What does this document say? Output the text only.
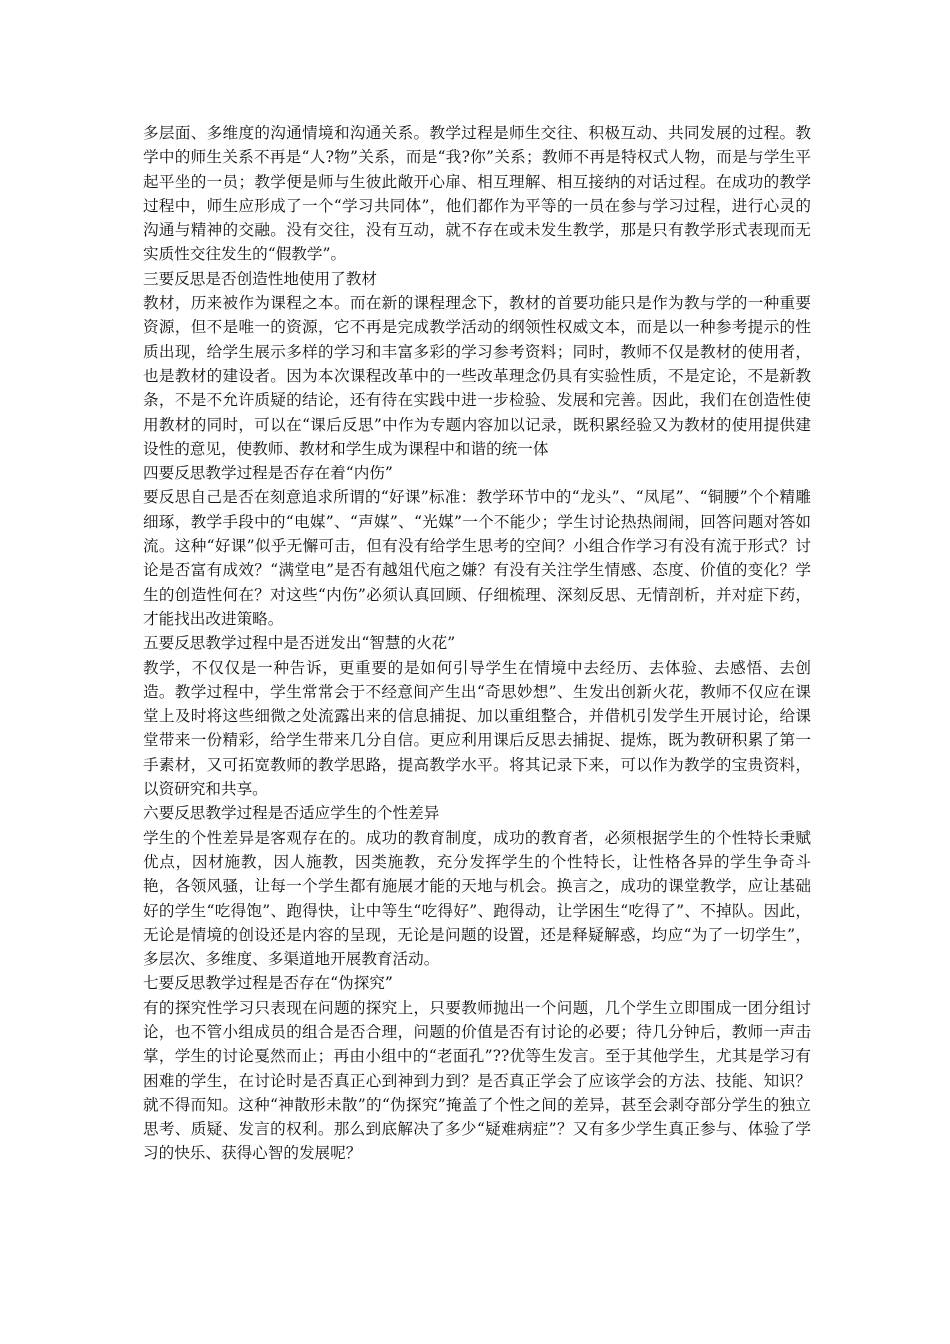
多层面、多维度的沟通情境和沟通关系。教学过程是师生交往、积极互动、共同发展的过程。教学中的师生关系不再是“人?物”关系，而是“我?你”关系；教师不再是特权式人物，而是与学生平起平坐的一员；教学便是师与生彼此敞开心扉、相互理解、相互接纳的对话过程。在成功的教学过程中，师生应形成了一个“学习共同体”，他们都作为平等的一员在参与学习过程，进行心灵的沟通与精神的交融。没有交往，没有互动，就不存在或未发生教学，那是只有教学形式表现而无实质性交往发生的“假教学”。

三要反思是否创造性地使用了教材

教材，历来被作为课程之本。而在新的课程理念下，教材的首要功能只是作为教与学的一种重要资源，但不是唯一的资源，它不再是完成教学活动的纲领性权威文本，而是以一种参考提示的性质出现，给学生展示多样的学习和丰富多彩的学习参考资料；同时，教师不仅是教材的使用者，也是教材的建设者。因为本次课程改革中的一些改革理念仍具有实验性质，不是定论，不是新教条，不是不允许质疑的结论，还有待在实践中进一步检验、发展和完善。因此，我们在创造性使用教材的同时，可以在“课后反思”中作为专题内容加以记录，既积累经验又为教材的使用提供建设性的意见，使教师、教材和学生成为课程中和谐的统一体

四要反思教学过程是否存在着“内伤”

要反思自己是否在刻意追求所谓的“好课”标准：教学环节中的“龙头”、“凤尾”、“铜腰”个个精雕细琢，教学手段中的“电媒”、“声媒”、“光媒”一个不能少；学生讨论热热闹闹，回答问题对答如流。这种“好课”似乎无懈可击，但有没有给学生思考的空间？小组合作学习有没有流于形式？讨论是否富有成效？“满堂电”是否有越俎代庖之嫌？有没有关注学生情感、态度、价值的变化？学生的创造性何在？对这些“内伤”必须认真回顾、仔细梳理、深刻反思、无情剖析，并对症下药，才能找出改进策略。

五要反思教学过程中是否迸发出“智慧的火花”

教学，不仅仅是一种告诉，更重要的是如何引导学生在情境中去经历、去体验、去感悟、去创造。教学过程中，学生常常会于不经意间产生出“奇思妙想”、生发出创新火花，教师不仅应在课堂上及时将这些细微之处流露出来的信息捕捉、加以重组整合，并借机引发学生开展讨论，给课堂带来一份精彩，给学生带来几分自信。更应利用课后反思去捕捉、提炼，既为教研积累了第一手素材，又可拓宽教师的教学思路，提高教学水平。将其记录下来，可以作为教学的宝贵资料，以资研究和共享。

六要反思教学过程是否适应学生的个性差异

学生的个性差异是客观存在的。成功的教育制度，成功的教育者，必须根据学生的个性特长秉赋优点，因材施教，因人施教，因类施教，充分发挥学生的个性特长，让性格各异的学生争奇斗艳，各领风骚，让每一个学生都有施展才能的天地与机会。换言之，成功的课堂教学，应让基础好的学生“吃得饱”、跑得快，让中等生“吃得好”、跑得动，让学困生“吃得了”、不掉队。因此，无论是情境的创设还是内容的呈现，无论是问题的设置，还是释疑解惑，均应“为了一切学生”，多层次、多维度、多渠道地开展教育活动。

七要反思教学过程是否存在“伪探究”

有的探究性学习只表现在问题的探究上，只要教师抛出一个问题，几个学生立即围成一团分组讨论，也不管小组成员的组合是否合理，问题的价值是否有讨论的必要；待几分钟后，教师一声击掌，学生的讨论戛然而止；再由小组中的“老面孔”??优等生发言。至于其他学生，尤其是学习有困难的学生，在讨论时是否真正心到神到力到？是否真正学会了应该学会的方法、技能、知识？就不得而知。这种“神散形未散”的“伪探究”掩盖了个性之间的差异，甚至会剥夺部分学生的独立思考、质疑、发言的权利。那么到底解决了多少“疑难病症”？又有多少学生真正参与、体验了学习的快乐、获得心智的发展呢？
